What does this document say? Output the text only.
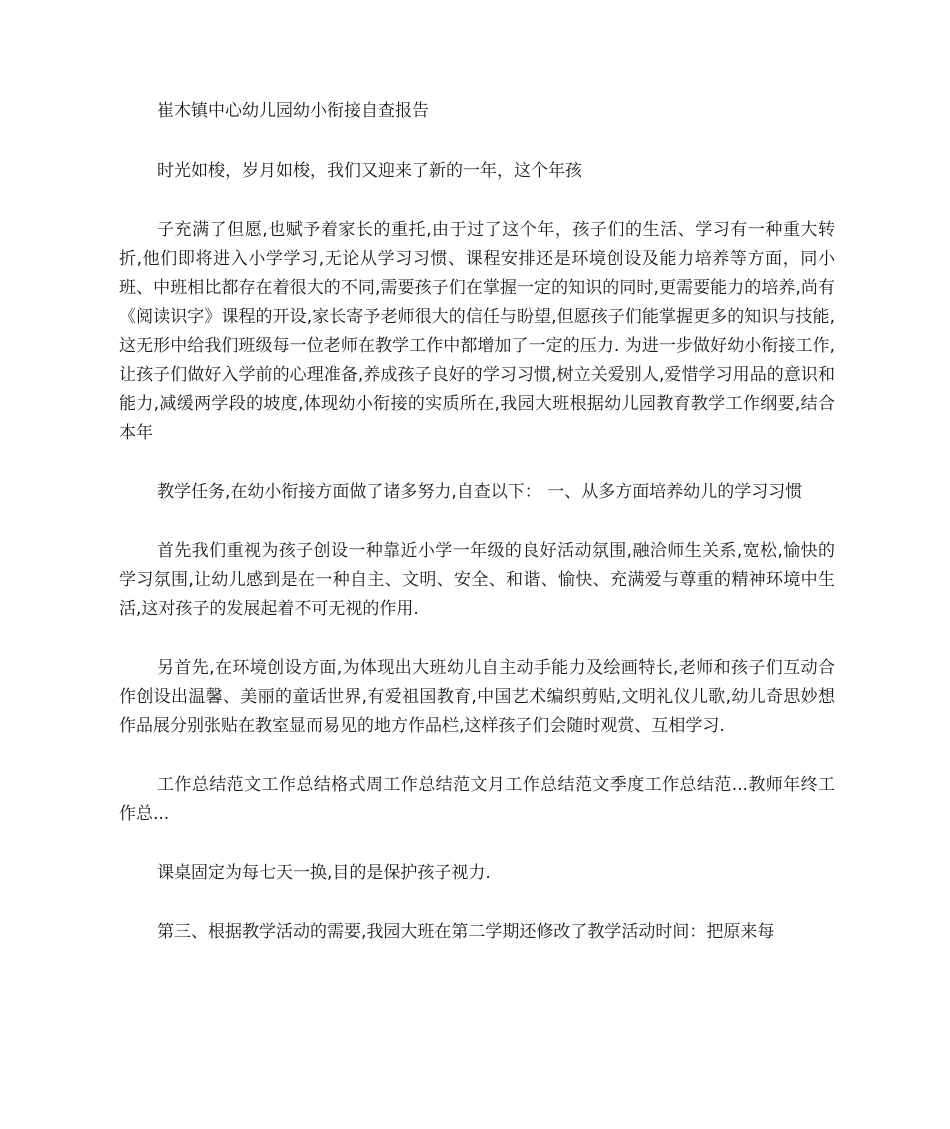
崔木镇中心幼儿园幼小衔接自查报告

时光如梭，岁月如梭，我们又迎来了新的一年，这个年孩

子充满了但愿,也赋予着家长的重托,由于过了这个年，孩子们的生活、学习有一种重大转折,他们即将进入小学学习,无论从学习习惯、课程安排还是环境创设及能力培养等方面，同小班、中班相比都存在着很大的不同,需要孩子们在掌握一定的知识的同时,更需要能力的培养,尚有《阅读识字》课程的开设,家长寄予老师很大的信任与盼望,但愿孩子们能掌握更多的知识与技能,这无形中给我们班级每一位老师在教学工作中都增加了一定的压力. 为进一步做好幼小衔接工作,让孩子们做好入学前的心理准备,养成孩子良好的学习习惯,树立关爱别人,爱惜学习用品的意识和能力,减缓两学段的坡度,体现幼小衔接的实质所在,我园大班根据幼儿园教育教学工作纲要,结合本年

教学任务,在幼小衔接方面做了诸多努力,自查以下： 一、从多方面培养幼儿的学习习惯

首先我们重视为孩子创设一种靠近小学一年级的良好活动氛围,融洽师生关系,宽松,愉快的学习氛围,让幼儿感到是在一种自主、文明、安全、和谐、愉快、充满爱与尊重的精神环境中生活,这对孩子的发展起着不可无视的作用.

另首先,在环境创设方面,为体现出大班幼儿自主动手能力及绘画特长,老师和孩子们互动合作创设出温馨、美丽的童话世界,有爱祖国教育,中国艺术编织剪贴,文明礼仪儿歌,幼儿奇思妙想作品展分别张贴在教室显而易见的地方作品栏,这样孩子们会随时观赏、互相学习.

工作总结范文工作总结格式周工作总结范文月工作总结范文季度工作总结范...教师年终工作总...

课桌固定为每七天一换,目的是保护孩子视力.

第三、根据教学活动的需要,我园大班在第二学期还修改了教学活动时间：把原来每
